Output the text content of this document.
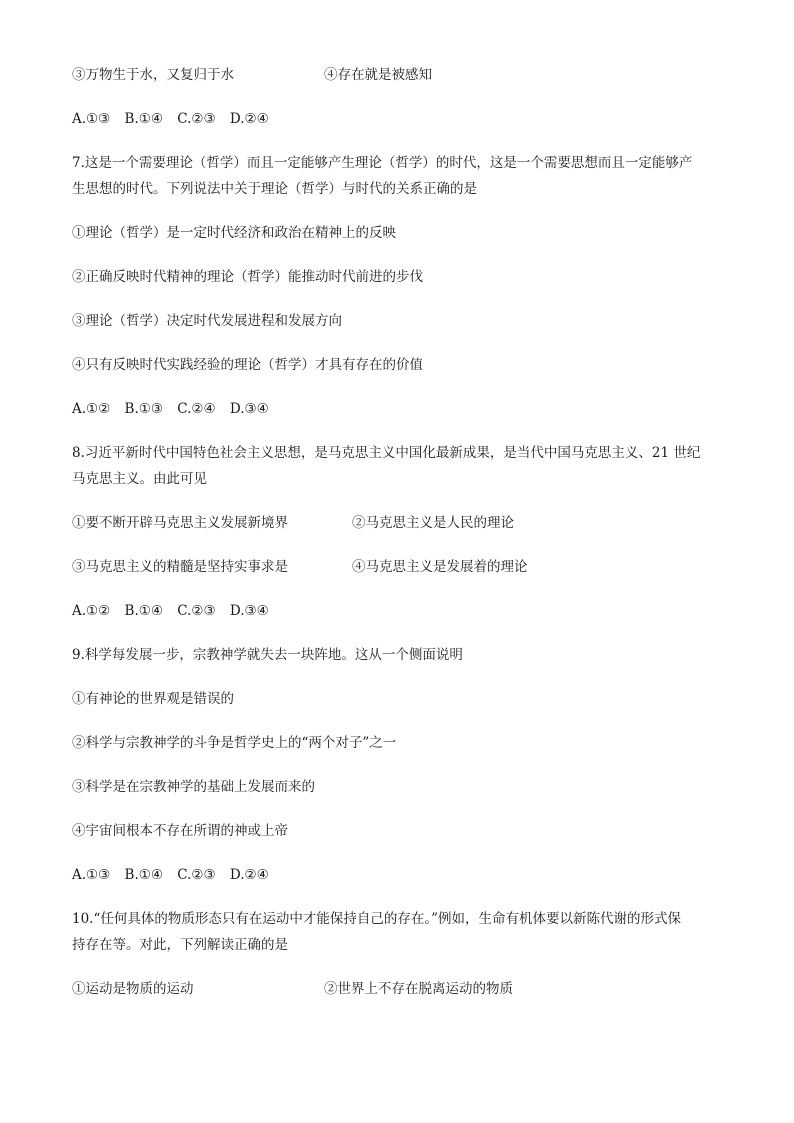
③万物生于水，又复归于水	④存在就是被感知
A.①③ B.①④ C.②③ D.②④
7.这是一个需要理论（哲学）而且一定能够产生理论（哲学）的时代，这是一个需要思想而且一定能够产
生思想的时代。下列说法中关于理论（哲学）与时代的关系正确的是
①理论（哲学）是一定时代经济和政治在精神上的反映
②正确反映时代精神的理论（哲学）能推动时代前进的步伐
③理论（哲学）决定时代发展进程和发展方向
④只有反映时代实践经验的理论（哲学）才具有存在的价值
A.①② B.①③ C.②④ D.③④
8.习近平新时代中国特色社会主义思想，是马克思主义中国化最新成果，是当代中国马克思主义、21 世纪
马克思主义。由此可见
①要不断开辟马克思主义发展新境界	②马克思主义是人民的理论
③马克思主义的精髓是坚持实事求是	④马克思主义是发展着的理论
A.①② B.①④ C.②③ D.③④
9.科学每发展一步，宗教神学就失去一块阵地。这从一个侧面说明
①有神论的世界观是错误的
②科学与宗教神学的斗争是哲学史上的“两个对子”之一
③科学是在宗教神学的基础上发展而来的
④宇宙间根本不存在所谓的神或上帝
A.①③ B.①④ C.②③ D.②④
10.“任何具体的物质形态只有在运动中才能保持自己的存在。”例如，生命有机体要以新陈代谢的形式保
持存在等。对此，下列解读正确的是
①运动是物质的运动	②世界上不存在脱离运动的物质
